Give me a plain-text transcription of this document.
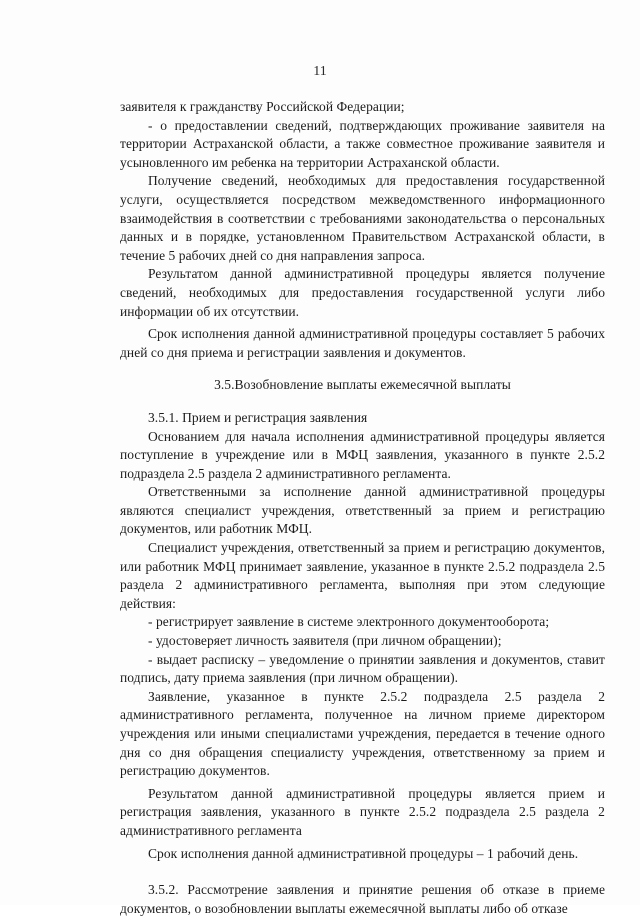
11

заявителя к гражданству Российской Федерации;

- о предоставлении сведений, подтверждающих проживание заявителя на территории Астраханской области, а также совместное проживание заявителя и усыновленного им ребенка на территории Астраханской области.

Получение сведений, необходимых для предоставления государственной услуги, осуществляется посредством межведомственного информационного взаимодействия в соответствии с требованиями законодательства о персональных данных и в порядке, установленном Правительством Астраханской области, в течение 5 рабочих дней со дня направления запроса.

Результатом данной административной процедуры является получение сведений, необходимых для предоставления государственной услуги либо информации об их отсутствии.

Срок исполнения данной административной процедуры составляет 5 рабочих дней со дня приема и регистрации заявления и документов.

3.5.Возобновление выплаты ежемесячной выплаты

3.5.1. Прием и регистрация заявления

Основанием для начала исполнения административной процедуры является поступление в учреждение или в МФЦ заявления, указанного в пункте 2.5.2 подраздела 2.5 раздела 2 административного регламента.

Ответственными за исполнение данной административной процедуры являются специалист учреждения, ответственный за прием и регистрацию документов, или работник МФЦ.

Специалист учреждения, ответственный за прием и регистрацию документов, или работник МФЦ принимает заявление, указанное в пункте 2.5.2 подраздела 2.5 раздела 2 административного регламента, выполняя при этом следующие действия:

- регистрирует заявление в системе электронного документооборота;

- удостоверяет личность заявителя (при личном обращении);

- выдает расписку – уведомление о принятии заявления и документов, ставит подпись, дату приема заявления (при личном обращении).

Заявление, указанное в пункте 2.5.2 подраздела 2.5 раздела 2 административного регламента, полученное на личном приеме директором учреждения или иными специалистами учреждения, передается в течение одного дня со дня обращения специалисту учреждения, ответственному за прием и регистрацию документов.

Результатом данной административной процедуры является прием и регистрация заявления, указанного в пункте 2.5.2 подраздела 2.5 раздела 2 административного регламента

Срок исполнения данной административной процедуры – 1 рабочий день.

3.5.2. Рассмотрение заявления и принятие решения об отказе в приеме документов, о возобновлении выплаты ежемесячной выплаты либо об отказе
